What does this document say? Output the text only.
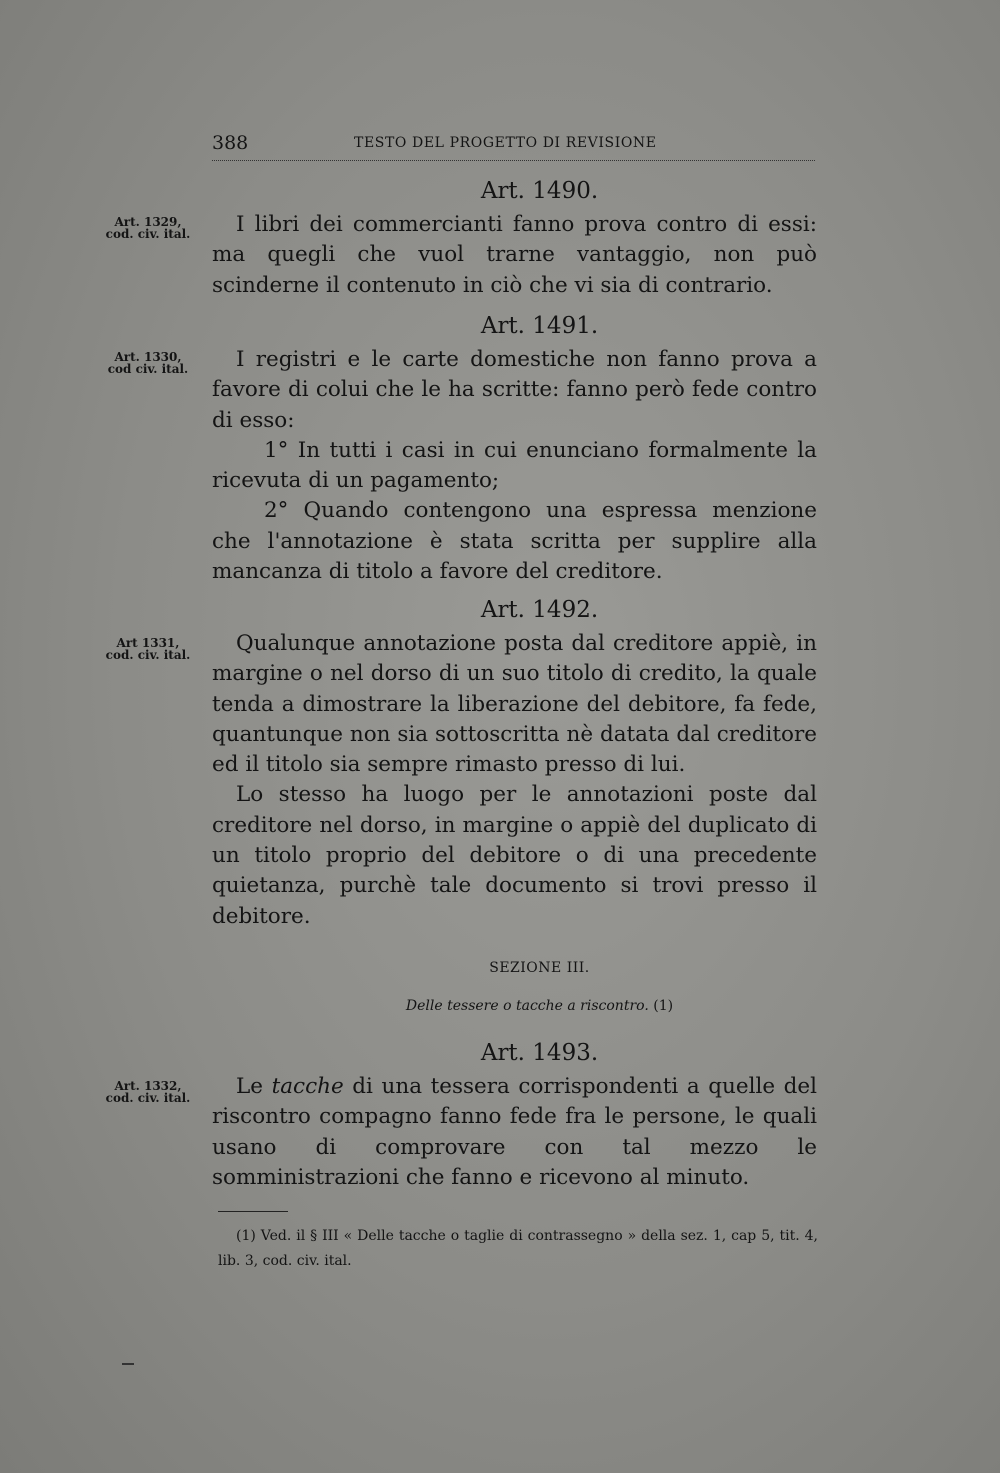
388	TESTO DEL PROGETTO DI REVISIONE
Art. 1329,
cod. civ. ital.
Art. 1490.

I libri dei commercianti fanno prova contro di essi: ma quegli che vuol trarne vantaggio, non può scinderne il contenuto in ciò che vi sia di contrario.

Art. 1330,
cod civ. ital.
Art. 1491.

I registri e le carte domestiche non fanno prova a favore di colui che le ha scritte: fanno però fede contro di esso:

1° In tutti i casi in cui enunciano formalmente la ricevuta di un pagamento;

2° Quando contengono una espressa menzione che l'annotazione è stata scritta per supplire alla mancanza di titolo a favore del creditore.

Art 1331,
cod. civ. ital.
Art. 1492.

Qualunque annotazione posta dal creditore appiè, in margine o nel dorso di un suo titolo di credito, la quale tenda a dimostrare la liberazione del debitore, fa fede, quantunque non sia sottoscritta nè datata dal creditore ed il titolo sia sempre rimasto presso di lui.

Lo stesso ha luogo per le annotazioni poste dal creditore nel dorso, in margine o appiè del duplicato di un titolo proprio del debitore o di una precedente quietanza, purchè tale documento si trovi presso il debitore.

SEZIONE III.
Delle tessere o tacche a riscontro. (1)
Art. 1332,
cod. civ. ital.
Art. 1493.

Le tacche di una tessera corrispondenti a quelle del riscontro compagno fanno fede fra le persone, le quali usano di comprovare con tal mezzo le somministrazioni che fanno e ricevono al minuto.

(1) Ved. il § III « Delle tacche o taglie di contrassegno » della sez. 1, cap 5, tit. 4, lib. 3, cod. civ. ital.
